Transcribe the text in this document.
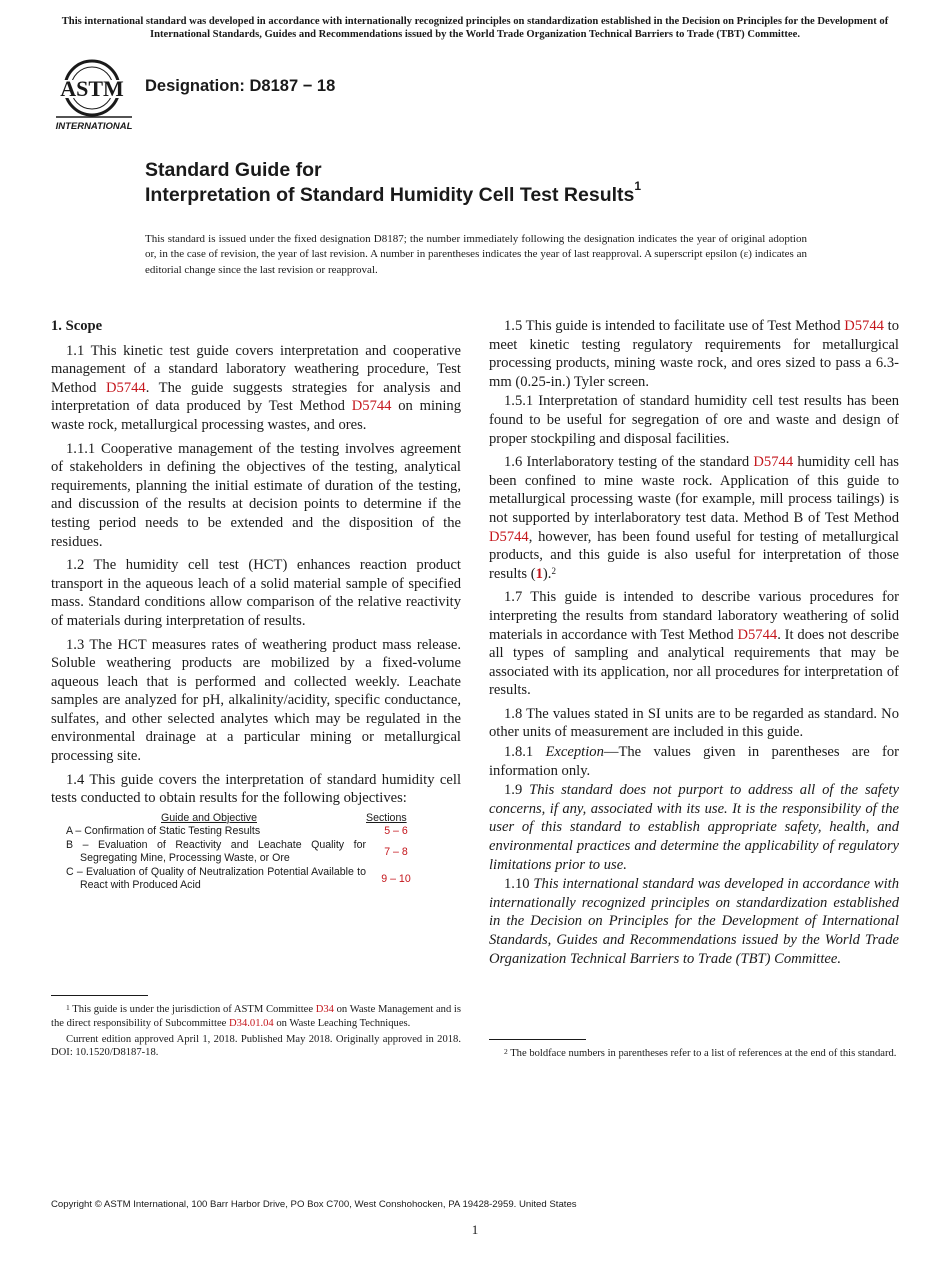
This international standard was developed in accordance with internationally recognized principles on standardization established in the Decision on Principles for the Development of International Standards, Guides and Recommendations issued by the World Trade Organization Technical Barriers to Trade (TBT) Committee.
ASTM
INTERNATIONAL
Designation: D8187 − 18
Standard Guide for
Interpretation of Standard Humidity Cell Test Results$^1$
This standard is issued under the fixed designation D8187; the number immediately following the designation indicates the year of original adoption or, in the case of revision, the year of last revision. A number in parentheses indicates the year of last reapproval. A superscript epsilon (ε) indicates an editorial change since the last revision or reapproval.
1. Scope

1.1 This kinetic test guide covers interpretation and cooperative management of a standard laboratory weathering procedure, Test Method D5744. The guide suggests strategies for analysis and interpretation of data produced by Test Method D5744 on mining waste rock, metallurgical processing wastes, and ores.

1.1.1 Cooperative management of the testing involves agreement of stakeholders in defining the objectives of the testing, analytical requirements, planning the initial estimate of duration of the testing, and discussion of the results at decision points to determine if the testing period needs to be extended and the disposition of the residues.

1.2 The humidity cell test (HCT) enhances reaction product transport in the aqueous leach of a solid material sample of specified mass. Standard conditions allow comparison of the relative reactivity of materials during interpretation of results.

1.3 The HCT measures rates of weathering product mass release. Soluble weathering products are mobilized by a fixed-volume aqueous leach that is performed and collected weekly. Leachate samples are analyzed for pH, alkalinity/acidity, specific conductance, sulfates, and other selected analytes which may be regulated in the environmental drainage at a particular mining or metallurgical processing site.

1.4 This guide covers the interpretation of standard humidity cell tests conducted to obtain results for the following objectives:

Guide and Objective	Sections
A – Confirmation of Static Testing Results	5 – 6
B – Evaluation of Reactivity and Leachate Quality for Segregating Mine, Processing Waste, or Ore	7 – 8
C – Evaluation of Quality of Neutralization Potential Available to React with Produced Acid	9 – 10

1.5 This guide is intended to facilitate use of Test Method D5744 to meet kinetic testing regulatory requirements for metallurgical processing products, mining waste rock, and ores sized to pass a 6.3-mm (0.25-in.) Tyler screen.

1.5.1 Interpretation of standard humidity cell test results has been found to be useful for segregation of ore and waste and design of proper stockpiling and disposal facilities.

1.6 Interlaboratory testing of the standard D5744 humidity cell has been confined to mine waste rock. Application of this guide to metallurgical processing waste (for example, mill process tailings) is not supported by interlaboratory test data. Method B of Test Method D5744, however, has been found useful for testing of metallurgical products, and this guide is also useful for interpretation of those results (1).$^2$

1.7 This guide is intended to describe various procedures for interpreting the results from standard laboratory weathering of solid materials in accordance with Test Method D5744. It does not describe all types of sampling and analytical requirements that may be associated with its application, nor all procedures for interpretation of results.

1.8 The values stated in SI units are to be regarded as standard. No other units of measurement are included in this guide.

1.8.1 Exception—The values given in parentheses are for information only.

1.9 This standard does not purport to address all of the safety concerns, if any, associated with its use. It is the responsibility of the user of this standard to establish appropriate safety, health, and environmental practices and determine the applicability of regulatory limitations prior to use.

1.10 This international standard was developed in accordance with internationally recognized principles on standardization established in the Decision on Principles for the Development of International Standards, Guides and Recommendations issued by the World Trade Organization Technical Barriers to Trade (TBT) Committee.

$^1$ This guide is under the jurisdiction of ASTM Committee D34 on Waste Management and is the direct responsibility of Subcommittee D34.01.04 on Waste Leaching Techniques.

Current edition approved April 1, 2018. Published May 2018. Originally approved in 2018. DOI: 10.1520/D8187-18.	$^2$ The boldface numbers in parentheses refer to a list of references at the end of this standard.

Copyright © ASTM International, 100 Barr Harbor Drive, PO Box C700, West Conshohocken, PA 19428-2959. United States
1
